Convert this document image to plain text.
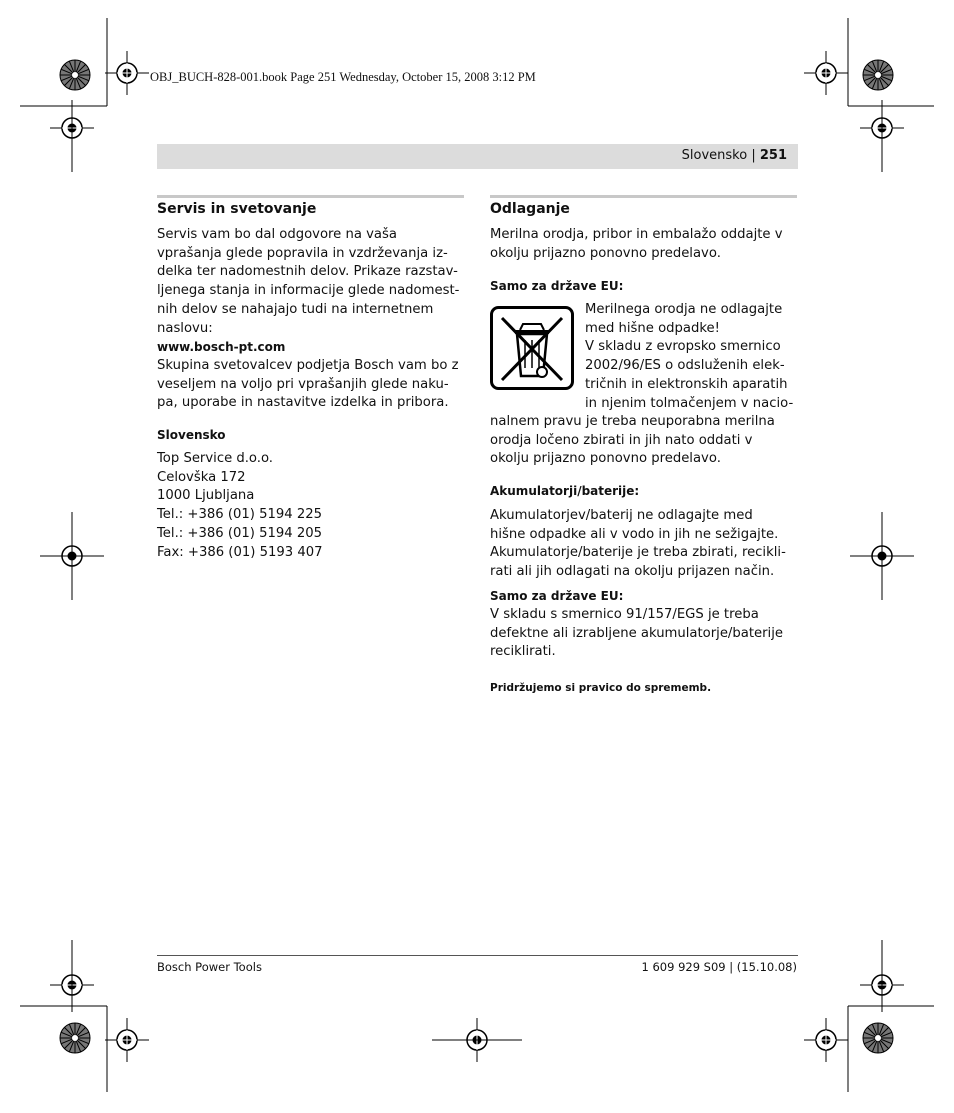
OBJ_BUCH-828-001.book Page 251 Wednesday, October 15, 2008 3:12 PM
Slovensko | 251
Servis in svetovanje
Servis vam bo dal odgovore na vaša
vprašanja glede popravila in vzdrževanja iz-
delka ter nadomestnih delov. Prikaze razstav-
ljenega stanja in informacije glede nadomest-
nih delov se nahajajo tudi na internetnem
naslovu:
www.bosch-pt.com
Skupina svetovalcev podjetja Bosch vam bo z
veseljem na voljo pri vprašanjih glede naku-
pa, uporabe in nastavitve izdelka in pribora.
Slovensko
Top Service d.o.o.
Celovška 172
1000 Ljubljana
Tel.: +386 (01) 5194 225
Tel.: +386 (01) 5194 205
Fax: +386 (01) 5193 407
Odlaganje
Merilna orodja, pribor in embalažo oddajte v
okolju prijazno ponovno predelavo.
Samo za države EU:
Merilnega orodja ne odlagajte
med hišne odpadke!
V skladu z evropsko smernico
2002/96/ES o odsluženih elek-
tričnih in elektronskih aparatih
in njenim tolmačenjem v nacio-
nalnem pravu je treba neuporabna merilna
orodja ločeno zbirati in jih nato oddati v
okolju prijazno ponovno predelavo.
Akumulatorji/baterije:
Akumulatorjev/baterij ne odlagajte med
hišne odpadke ali v vodo in jih ne sežigajte.
Akumulatorje/baterije je treba zbirati, recikli-
rati ali jih odlagati na okolju prijazen način.
Samo za države EU:
V skladu s smernico 91/157/EGS je treba
defektne ali izrabljene akumulatorje/baterije
reciklirati.
Pridržujemo si pravico do sprememb.
Bosch Power Tools	1 609 929 S09 | (15.10.08)
